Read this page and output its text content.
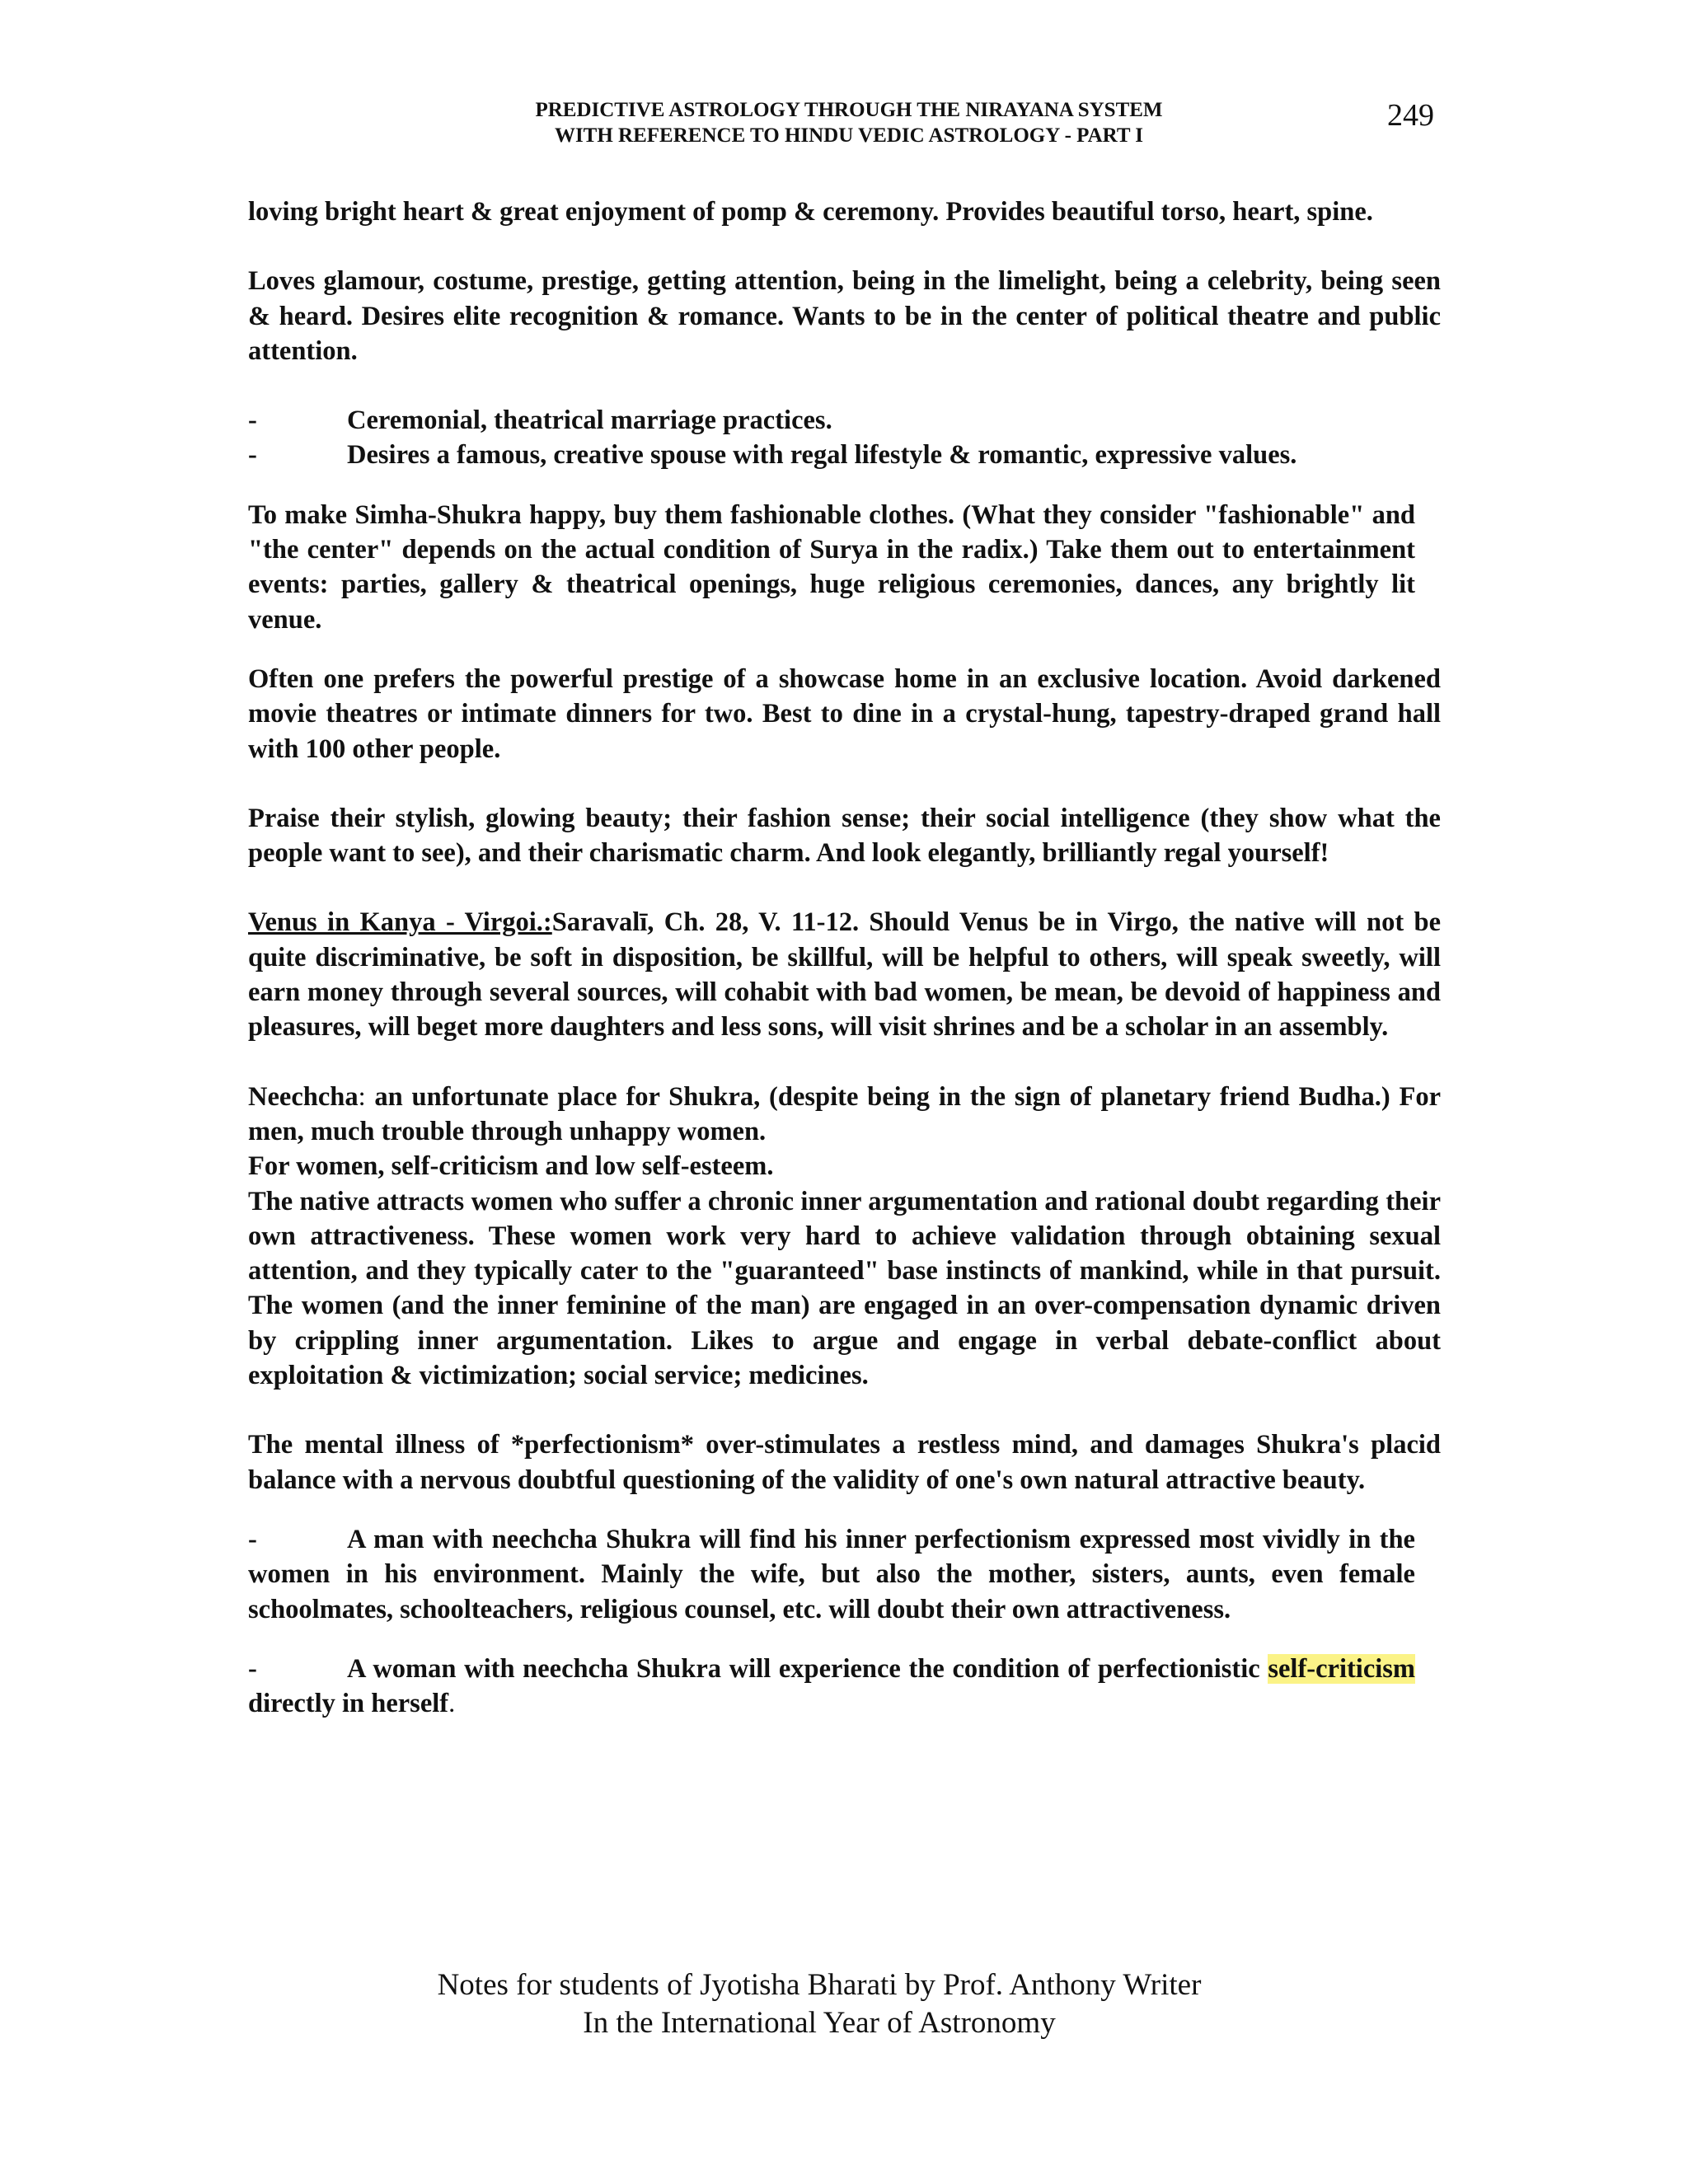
PREDICTIVE ASTROLOGY THROUGH THE NIRAYANA SYSTEM
WITH REFERENCE TO HINDU VEDIC ASTROLOGY - PART I
249

loving bright heart & great enjoyment of pomp & ceremony. Provides beautiful torso, heart, spine.

Loves glamour, costume, prestige, getting attention, being in the limelight, being a celebrity, being seen & heard. Desires elite recognition & romance. Wants to be in the center of political theatre and public attention.

-	Ceremonial, theatrical marriage practices.
-	Desires a famous, creative spouse with regal lifestyle & romantic, expressive values.

To make Simha-Shukra happy, buy them fashionable clothes. (What they consider "fashionable" and "the center" depends on the actual condition of Surya in the radix.) Take them out to entertainment events: parties, gallery & theatrical openings, huge religious ceremonies, dances, any brightly lit venue.

Often one prefers the powerful prestige of a showcase home in an exclusive location. Avoid darkened movie theatres or intimate dinners for two. Best to dine in a crystal-hung, tapestry-draped grand hall with 100 other people.

Praise their stylish, glowing beauty; their fashion sense; their social intelligence (they show what the people want to see), and their charismatic charm. And look elegantly, brilliantly regal yourself!

Venus in Kanya - Virgoi.:Saravalī, Ch. 28, V. 11-12. Should Venus be in Virgo, the native will not be quite discriminative, be soft in disposition, be skillful, will be helpful to others, will speak sweetly, will earn money through several sources, will cohabit with bad women, be mean, be devoid of happiness and pleasures, will beget more daughters and less sons, will visit shrines and be a scholar in an assembly.

Neechcha: an unfortunate place for Shukra, (despite being in the sign of planetary friend Budha.) For men, much trouble through unhappy women.

For women, self-criticism and low self-esteem.

The native attracts women who suffer a chronic inner argumentation and rational doubt regarding their own attractiveness. These women work very hard to achieve validation through obtaining sexual attention, and they typically cater to the "guaranteed" base instincts of mankind, while in that pursuit. The women (and the inner feminine of the man) are engaged in an over-compensation dynamic driven by crippling inner argumentation. Likes to argue and engage in verbal debate-conflict about exploitation & victimization; social service; medicines.

The mental illness of *perfectionism* over-stimulates a restless mind, and damages Shukra's placid balance with a nervous doubtful questioning of the validity of one's own natural attractive beauty.

-	A man with neechcha Shukra will find his inner perfectionism expressed most vividly in the women in his environment. Mainly the wife, but also the mother, sisters, aunts, even female schoolmates, schoolteachers, religious counsel, etc. will doubt their own attractiveness.

-	A woman with neechcha Shukra will experience the condition of perfectionistic self-criticism directly in herself.

Notes for students of Jyotisha Bharati by Prof. Anthony Writer
In the International Year of Astronomy
